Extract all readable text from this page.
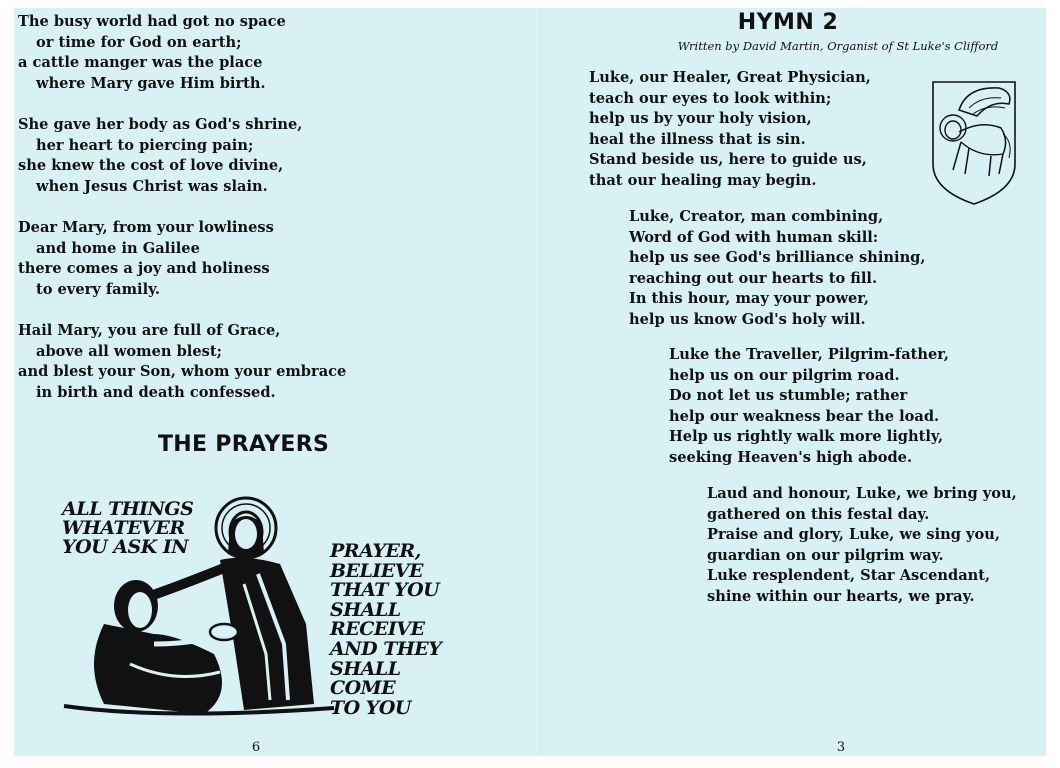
The busy world had got no space
or time for God on earth;
a cattle manger was the place
where Mary gave Him birth.
She gave her body as God's shrine,
her heart to piercing pain;
she knew the cost of love divine,
when Jesus Christ was slain.
Dear Mary, from your lowliness
and home in Galilee
there comes a joy and holiness
to every family.
Hail Mary, you are full of Grace,
above all women blest;
and blest your Son, whom your embrace
in birth and death confessed.
THE PRAYERS
ALL THINGS
WHATEVER
YOU ASK IN	PRAYER,
BELIEVE
THAT YOU
SHALL
RECEIVE
AND THEY
SHALL
COME
TO YOU
6
HYMN 2

Written by David Martin, Organist of St Luke's Clifford

Luke, our Healer, Great Physician,
teach our eyes to look within;
help us by your holy vision,
heal the illness that is sin.
Stand beside us, here to guide us,
that our healing may begin.
Luke, Creator, man combining,
Word of God with human skill:
help us see God's brilliance shining,
reaching out our hearts to fill.
In this hour, may your power,
help us know God's holy will.
Luke the Traveller, Pilgrim-father,
help us on our pilgrim road.
Do not let us stumble; rather
help our weakness bear the load.
Help us rightly walk more lightly,
seeking Heaven's high abode.
Laud and honour, Luke, we bring you,
gathered on this festal day.
Praise and glory, Luke, we sing you,
guardian on our pilgrim way.
Luke resplendent, Star Ascendant,
shine within our hearts, we pray.
3
